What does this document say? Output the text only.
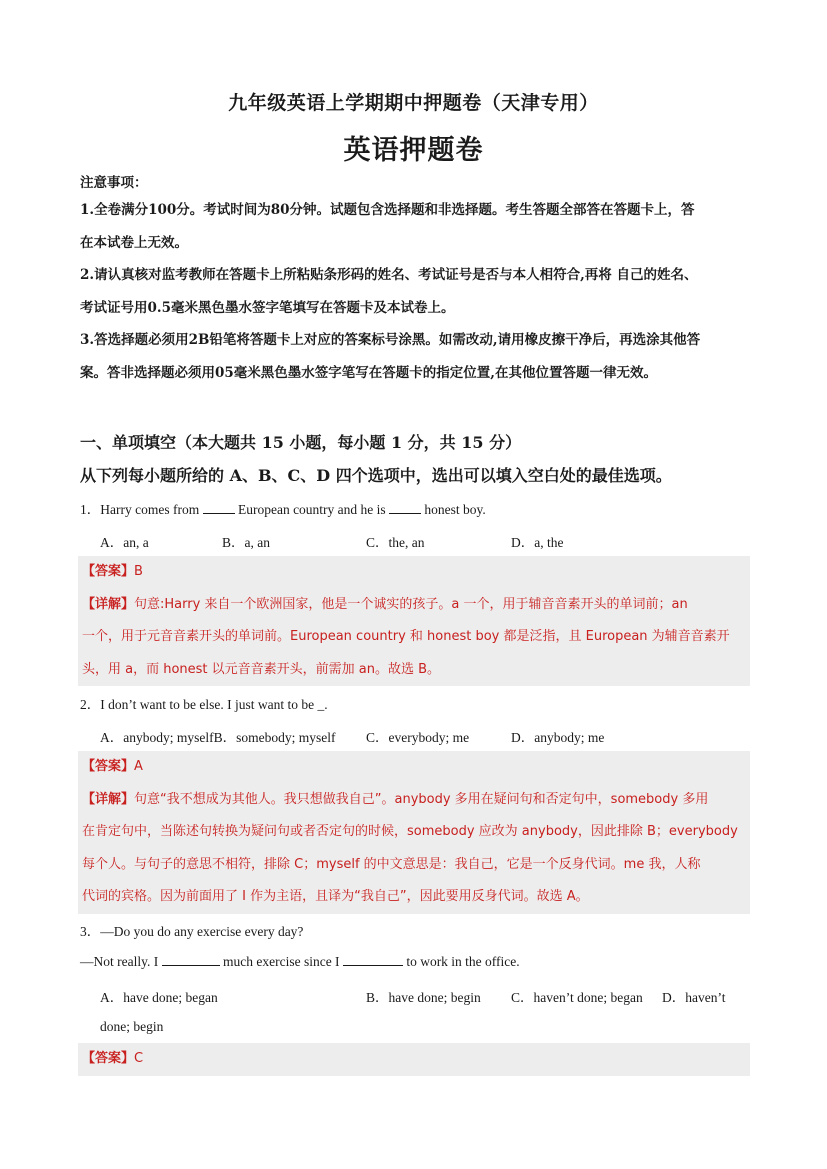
九年级英语上学期期中押题卷（天津专用）
英语押题卷
注意事项：
1.全卷满分100分。考试时间为80分钟。试题包含选择题和非选择题。考生答题全部答在答题卡上，答
在本试卷上无效。
2.请认真核对监考教师在答题卡上所粘贴条形码的姓名、考试证号是否与本人相符合,再将 自己的姓名、
考试证号用0.5毫米黑色墨水签字笔填写在答题卡及本试卷上。
3.答选择题必须用2B铅笔将答题卡上对应的答案标号涂黑。如需改动,请用橡皮擦干净后，再选涂其他答
案。答非选择题必须用05毫米黑色墨水签字笔写在答题卡的指定位置,在其他位置答题一律无效。
一、单项填空（本大题共 15 小题，每小题 1 分，共 15 分）
从下列每小题所给的 A、B、C、D 四个选项中，选出可以填入空白处的最佳选项。
1．Harry comes from  European country and he is  honest boy.
A．an, a	B．a, an	C．the, an	D．a, the
【答案】B
【详解】句意:Harry 来自一个欧洲国家，他是一个诚实的孩子。a 一个，用于辅音音素开头的单词前；an
一个，用于元音音素开头的单词前。European country 和 honest boy 都是泛指，且 European 为辅音音素开
头，用 a，而 honest 以元音音素开头，前需加 an。故选 B。
2．I don’t want to be else. I just want to be _.
A．anybody; myselfB．somebody; myself C．everybody; me	D．anybody; me
【答案】A
【详解】句意“我不想成为其他人。我只想做我自己”。anybody 多用在疑问句和否定句中，somebody 多用
在肯定句中，当陈述句转换为疑问句或者否定句的时候，somebody 应改为 anybody，因此排除 B；everybody
每个人。与句子的意思不相符，排除 C；myself 的中文意思是：我自己，它是一个反身代词。me 我，人称
代词的宾格。因为前面用了 I 作为主语，且译为“我自己”，因此要用反身代词。故选 A。
3．—Do you do any exercise every day?
—Not really. I	much exercise since I	to work in the office.
A．have done; began	B．have done; begin C．haven’t done; began D．haven’t
done; begin
【答案】C
